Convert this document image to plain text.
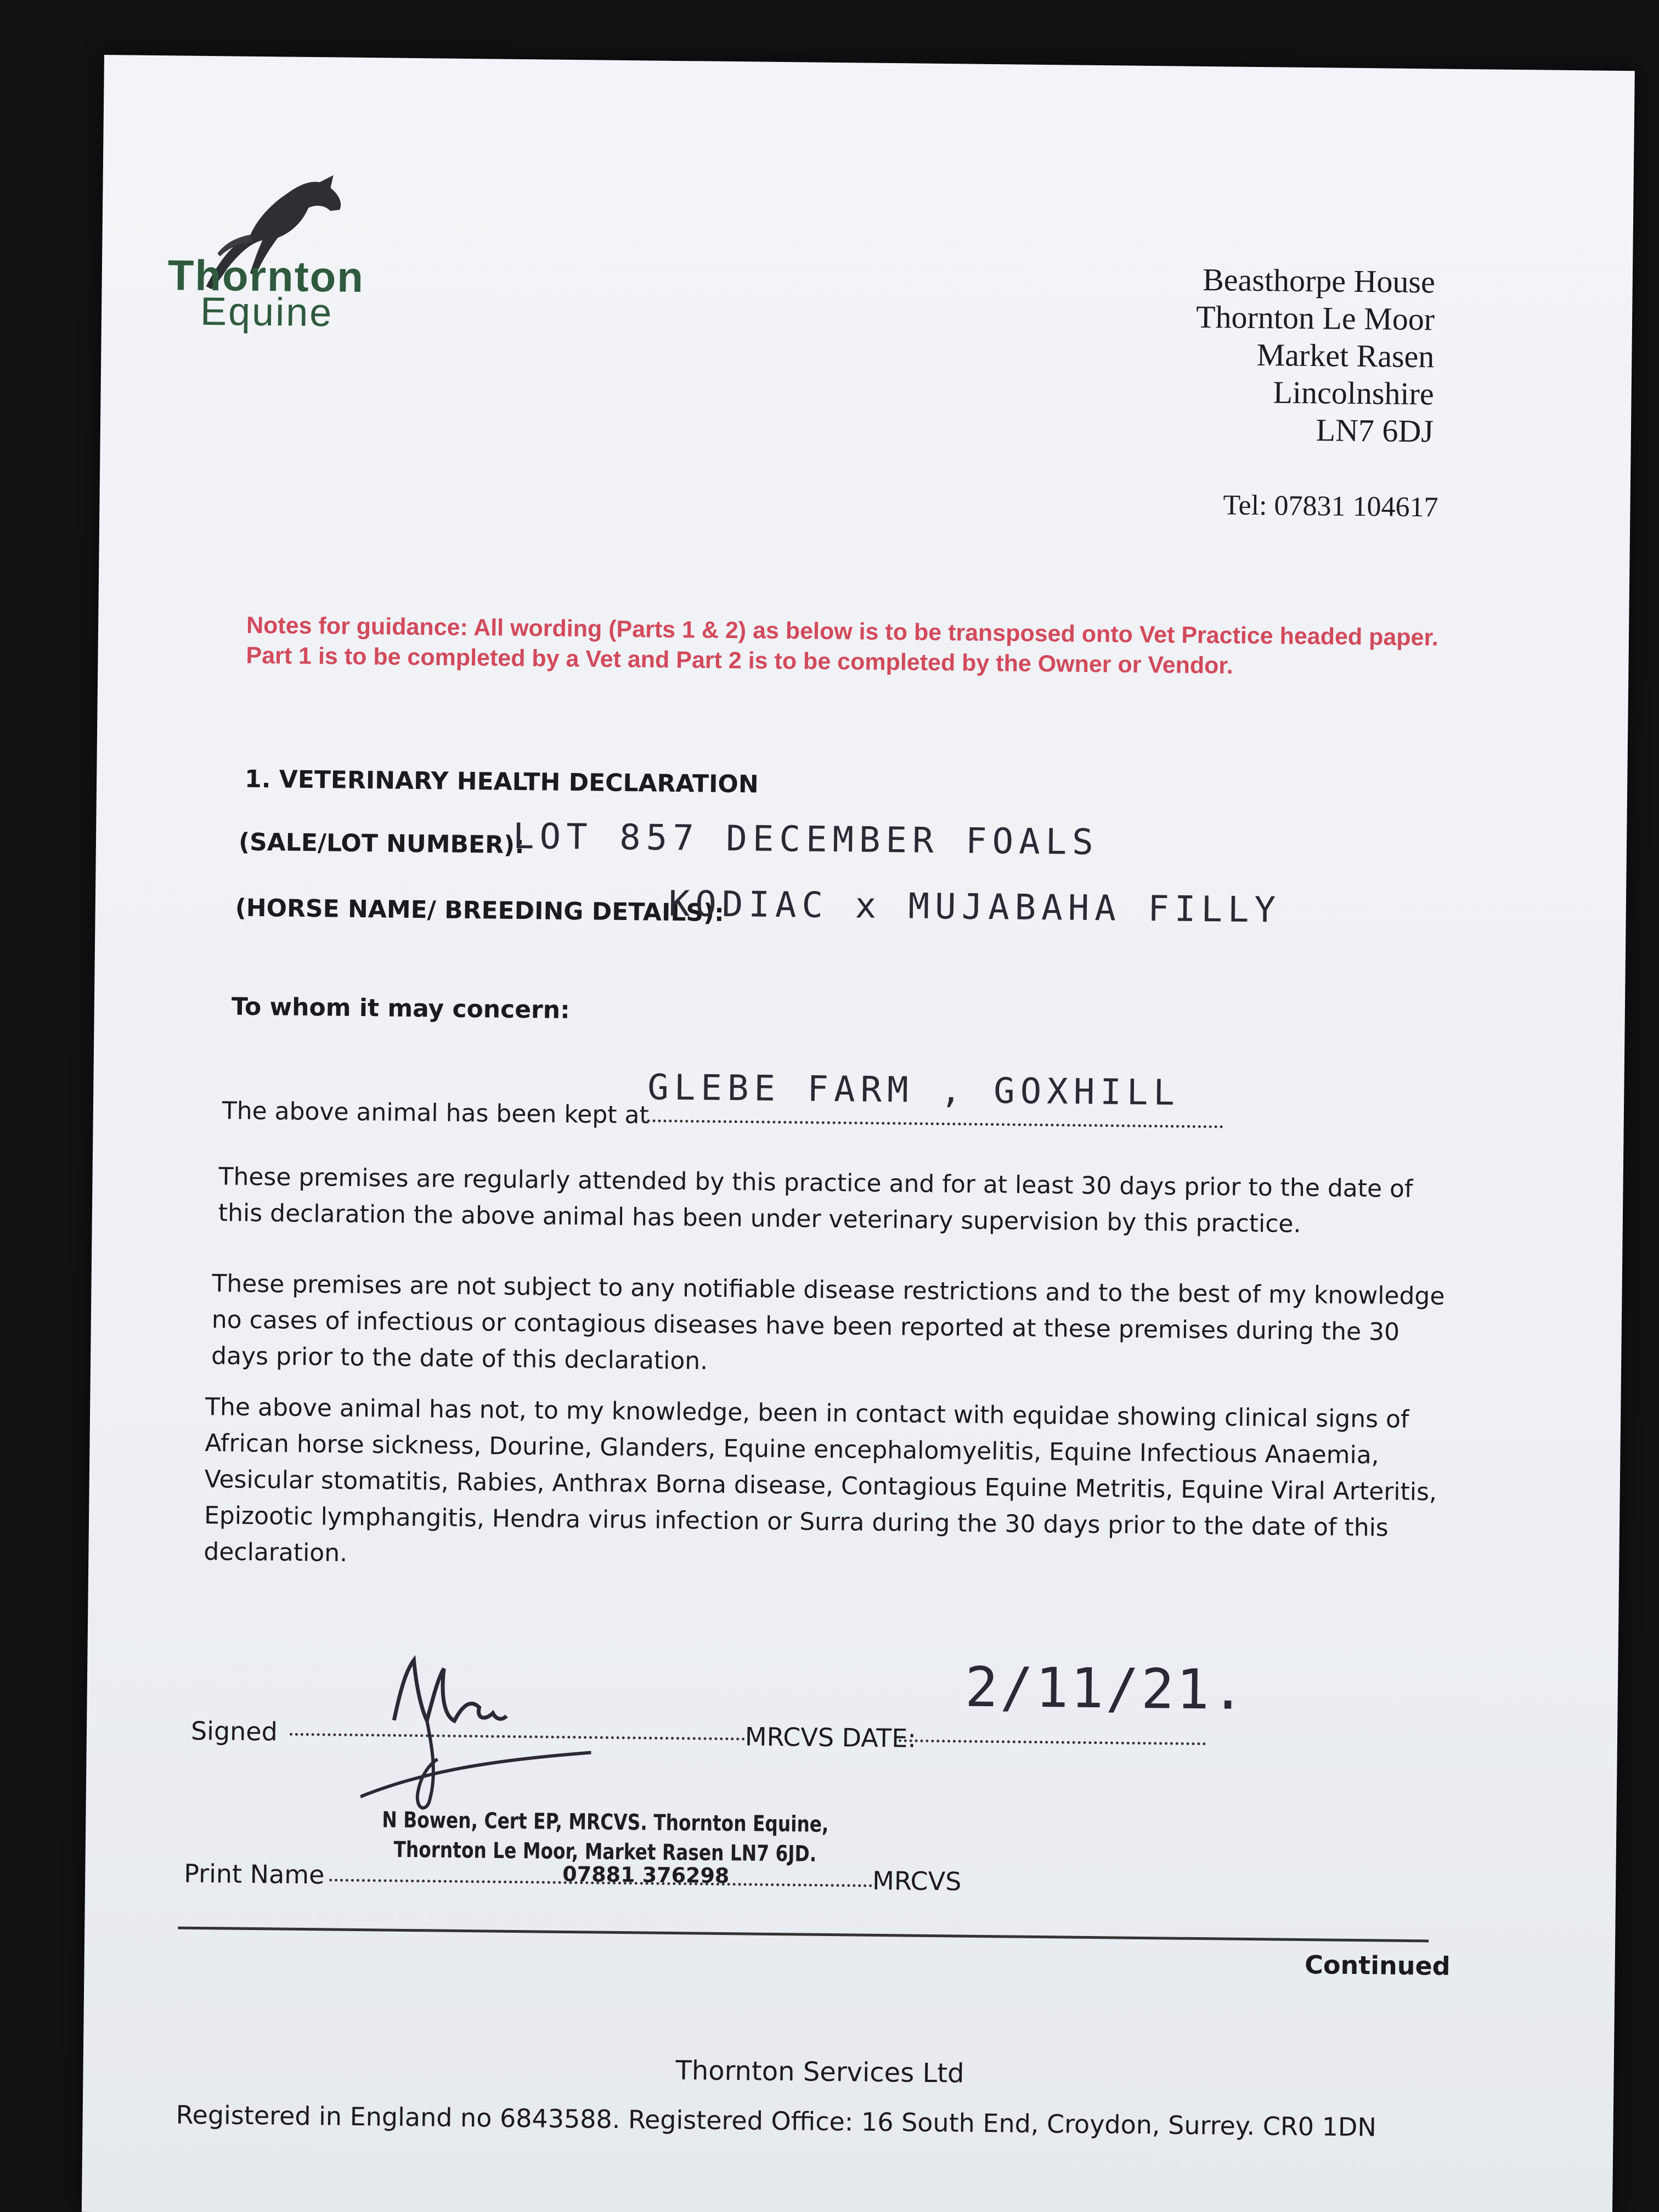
Thornton
Equine
Beasthorpe House
Thornton Le Moor
Market Rasen
Lincolnshire
LN7 6DJ
Tel: 07831 104617
Notes for guidance: All wording (Parts 1 & 2) as below is to be transposed onto Vet Practice headed paper. Part 1 is to be completed by a Vet and Part 2 is to be completed by the Owner or Vendor.
1. VETERINARY HEALTH DECLARATION
(SALE/LOT NUMBER):
LOT 857 DECEMBER FOALS
(HORSE NAME/ BREEDING DETAILS):
KODIAC x MUJABAHA FILLY
To whom it may concern:
The above animal has been kept at
GLEBE FARM , GOXHILL
These premises are regularly attended by this practice and for at least 30 days prior to the date of this declaration the above animal has been under veterinary supervision by this practice.
These premises are not subject to any notifiable disease restrictions and to the best of my knowledge no cases of infectious or contagious diseases have been reported at these premises during the 30 days prior to the date of this declaration.
The above animal has not, to my knowledge, been in contact with equidae showing clinical signs of African horse sickness, Dourine, Glanders, Equine encephalomyelitis, Equine Infectious Anaemia, Vesicular stomatitis, Rabies, Anthrax Borna disease, Contagious Equine Metritis, Equine Viral Arteritis, Epizootic lymphangitis, Hendra virus infection or Surra during the 30 days prior to the date of this declaration.
Signed	MRCVS DATE:
2/11/21.
N Bowen, Cert EP, MRCVS. Thornton Equine,
Thornton Le Moor, Market Rasen LN7 6JD.
Print Name	07881 376298	MRCVS
Continued
Thornton Services Ltd
Registered in England no 6843588. Registered Office: 16 South End, Croydon, Surrey. CR0 1DN
